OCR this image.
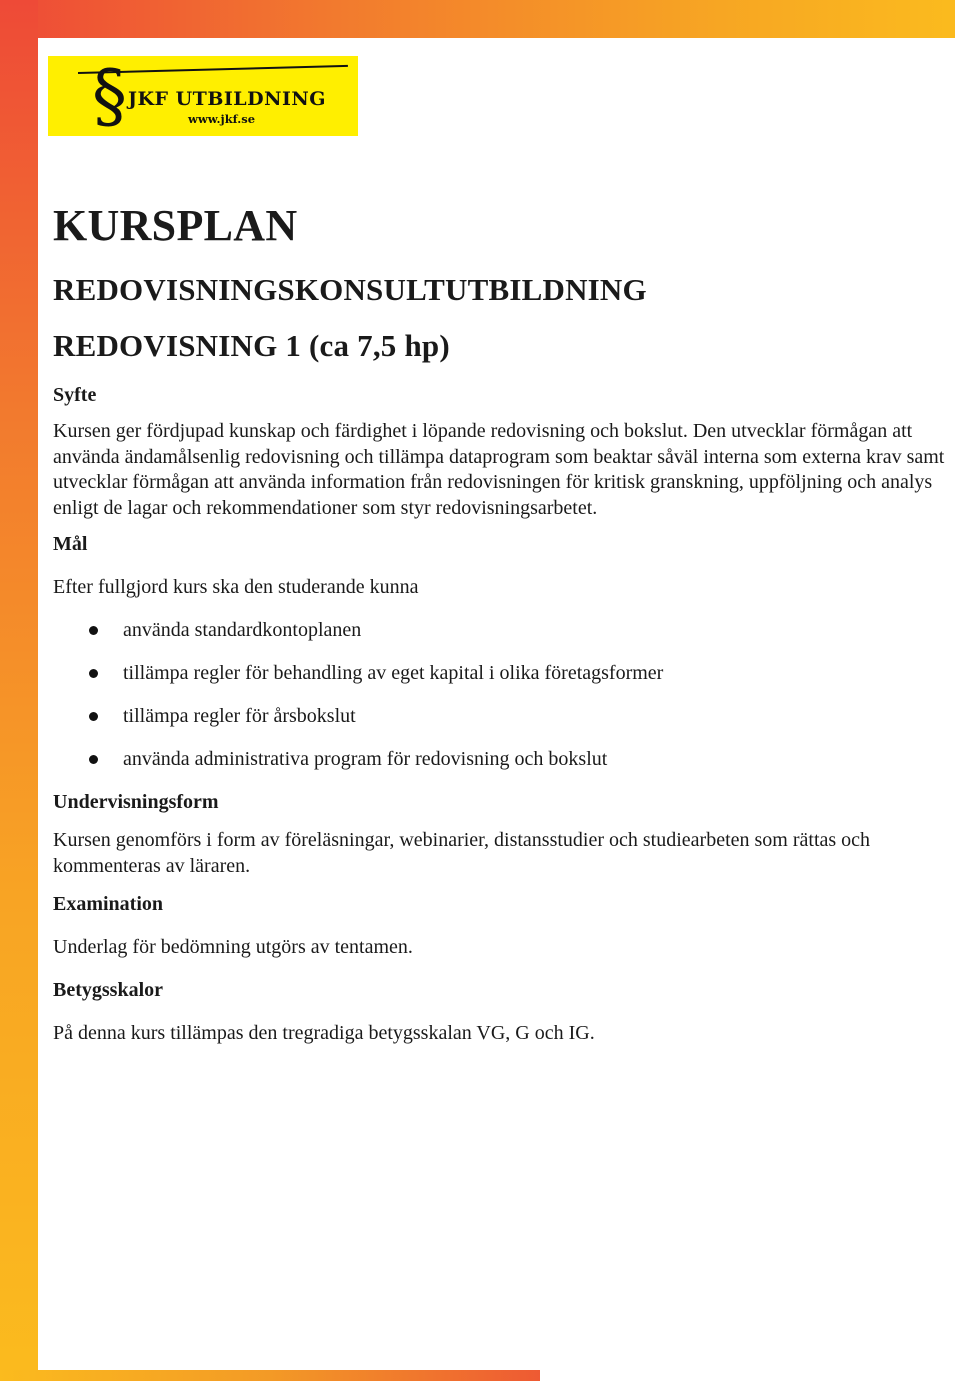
§ JKF UTBILDNING
www.jkf.se
KURSPLAN
REDOVISNINGSKONSULTUTBILDNING
REDOVISNING 1 (ca 7,5 hp)
Syfte

Kursen ger fördjupad kunskap och färdighet i löpande redovisning och bokslut. Den utvecklar förmågan att använda ändamålsenlig redovisning och tillämpa dataprogram som beaktar såväl interna som externa krav samt utvecklar förmågan att använda information från redovisningen för kritisk granskning, uppföljning och analys enligt de lagar och rekommendationer som styr redovisningsarbetet.

Mål

Efter fullgjord kurs ska den studerande kunna

använda standardkontoplanen
tillämpa regler för behandling av eget kapital i olika företagsformer
tillämpa regler för årsbokslut
använda administrativa program för redovisning och bokslut
Undervisningsform

Kursen genomförs i form av föreläsningar, webinarier, distansstudier och studiearbeten som rättas och kommenteras av läraren.

Examination

Underlag för bedömning utgörs av tentamen.

Betygsskalor

På denna kurs tillämpas den tregradiga betygsskalan VG, G och IG.
